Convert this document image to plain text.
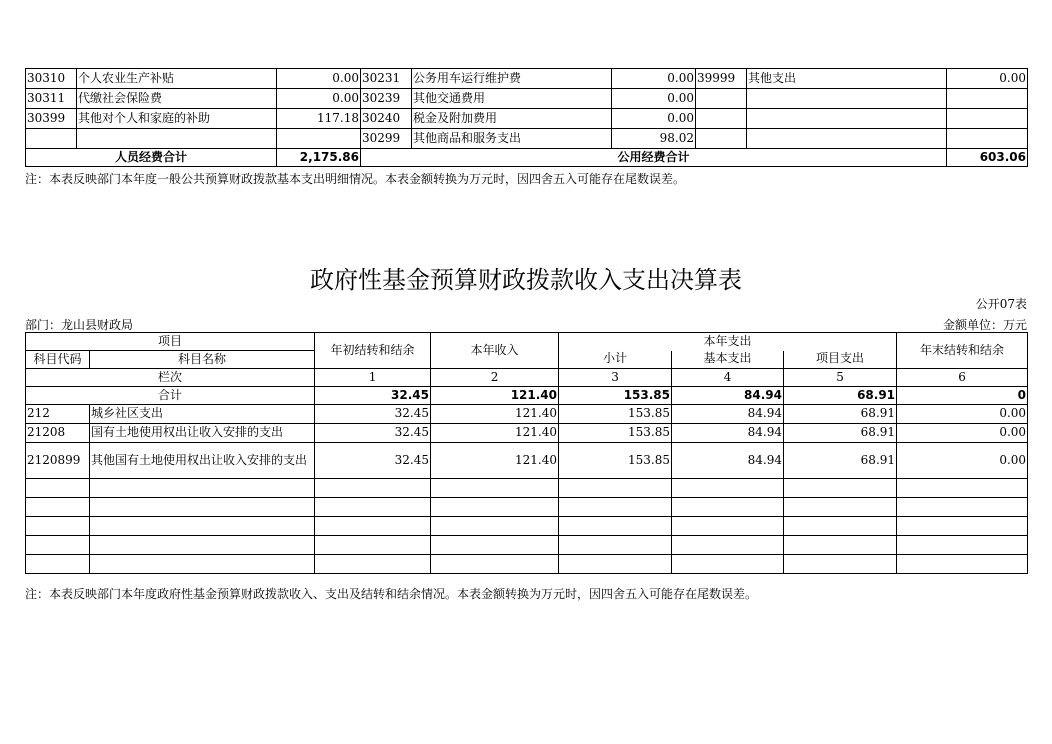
30310	个人农业生产补贴	0.00	30231	公务用车运行维护费	0.00	39999	其他支出	0.00
30311	代缴社会保险费	0.00	30239	其他交通费用	0.00			
30399	其他对个人和家庭的补助	117.18	30240	税金及附加费用	0.00			
			30299	其他商品和服务支出	98.02			
人员经费合计		2,175.86	公用经费合计					603.06
注：本表反映部门本年度一般公共预算财政拨款基本支出明细情况。本表金额转换为万元时，因四舍五入可能存在尾数误差。
政府性基金预算财政拨款收入支出决算表
公开07表
部门：龙山县财政局	金额单位：万元
项目		年初结转和结余	本年收入	本年支出			年末结转和结余
科目代码	科目名称			小计	基本支出	项目支出	
栏次		1	2	3	4	5	6
合计		32.45	121.40	153.85	84.94	68.91	0
212	城乡社区支出	32.45	121.40	153.85	84.94	68.91	0.00
21208	国有土地使用权出让收入安排的支出	32.45	121.40	153.85	84.94	68.91	0.00
2120899	其他国有土地使用权出让收入安排的支出	32.45	121.40	153.85	84.94	68.91	0.00

注：本表反映部门本年度政府性基金预算财政拨款收入、支出及结转和结余情况。本表金额转换为万元时，因四舍五入可能存在尾数误差。
